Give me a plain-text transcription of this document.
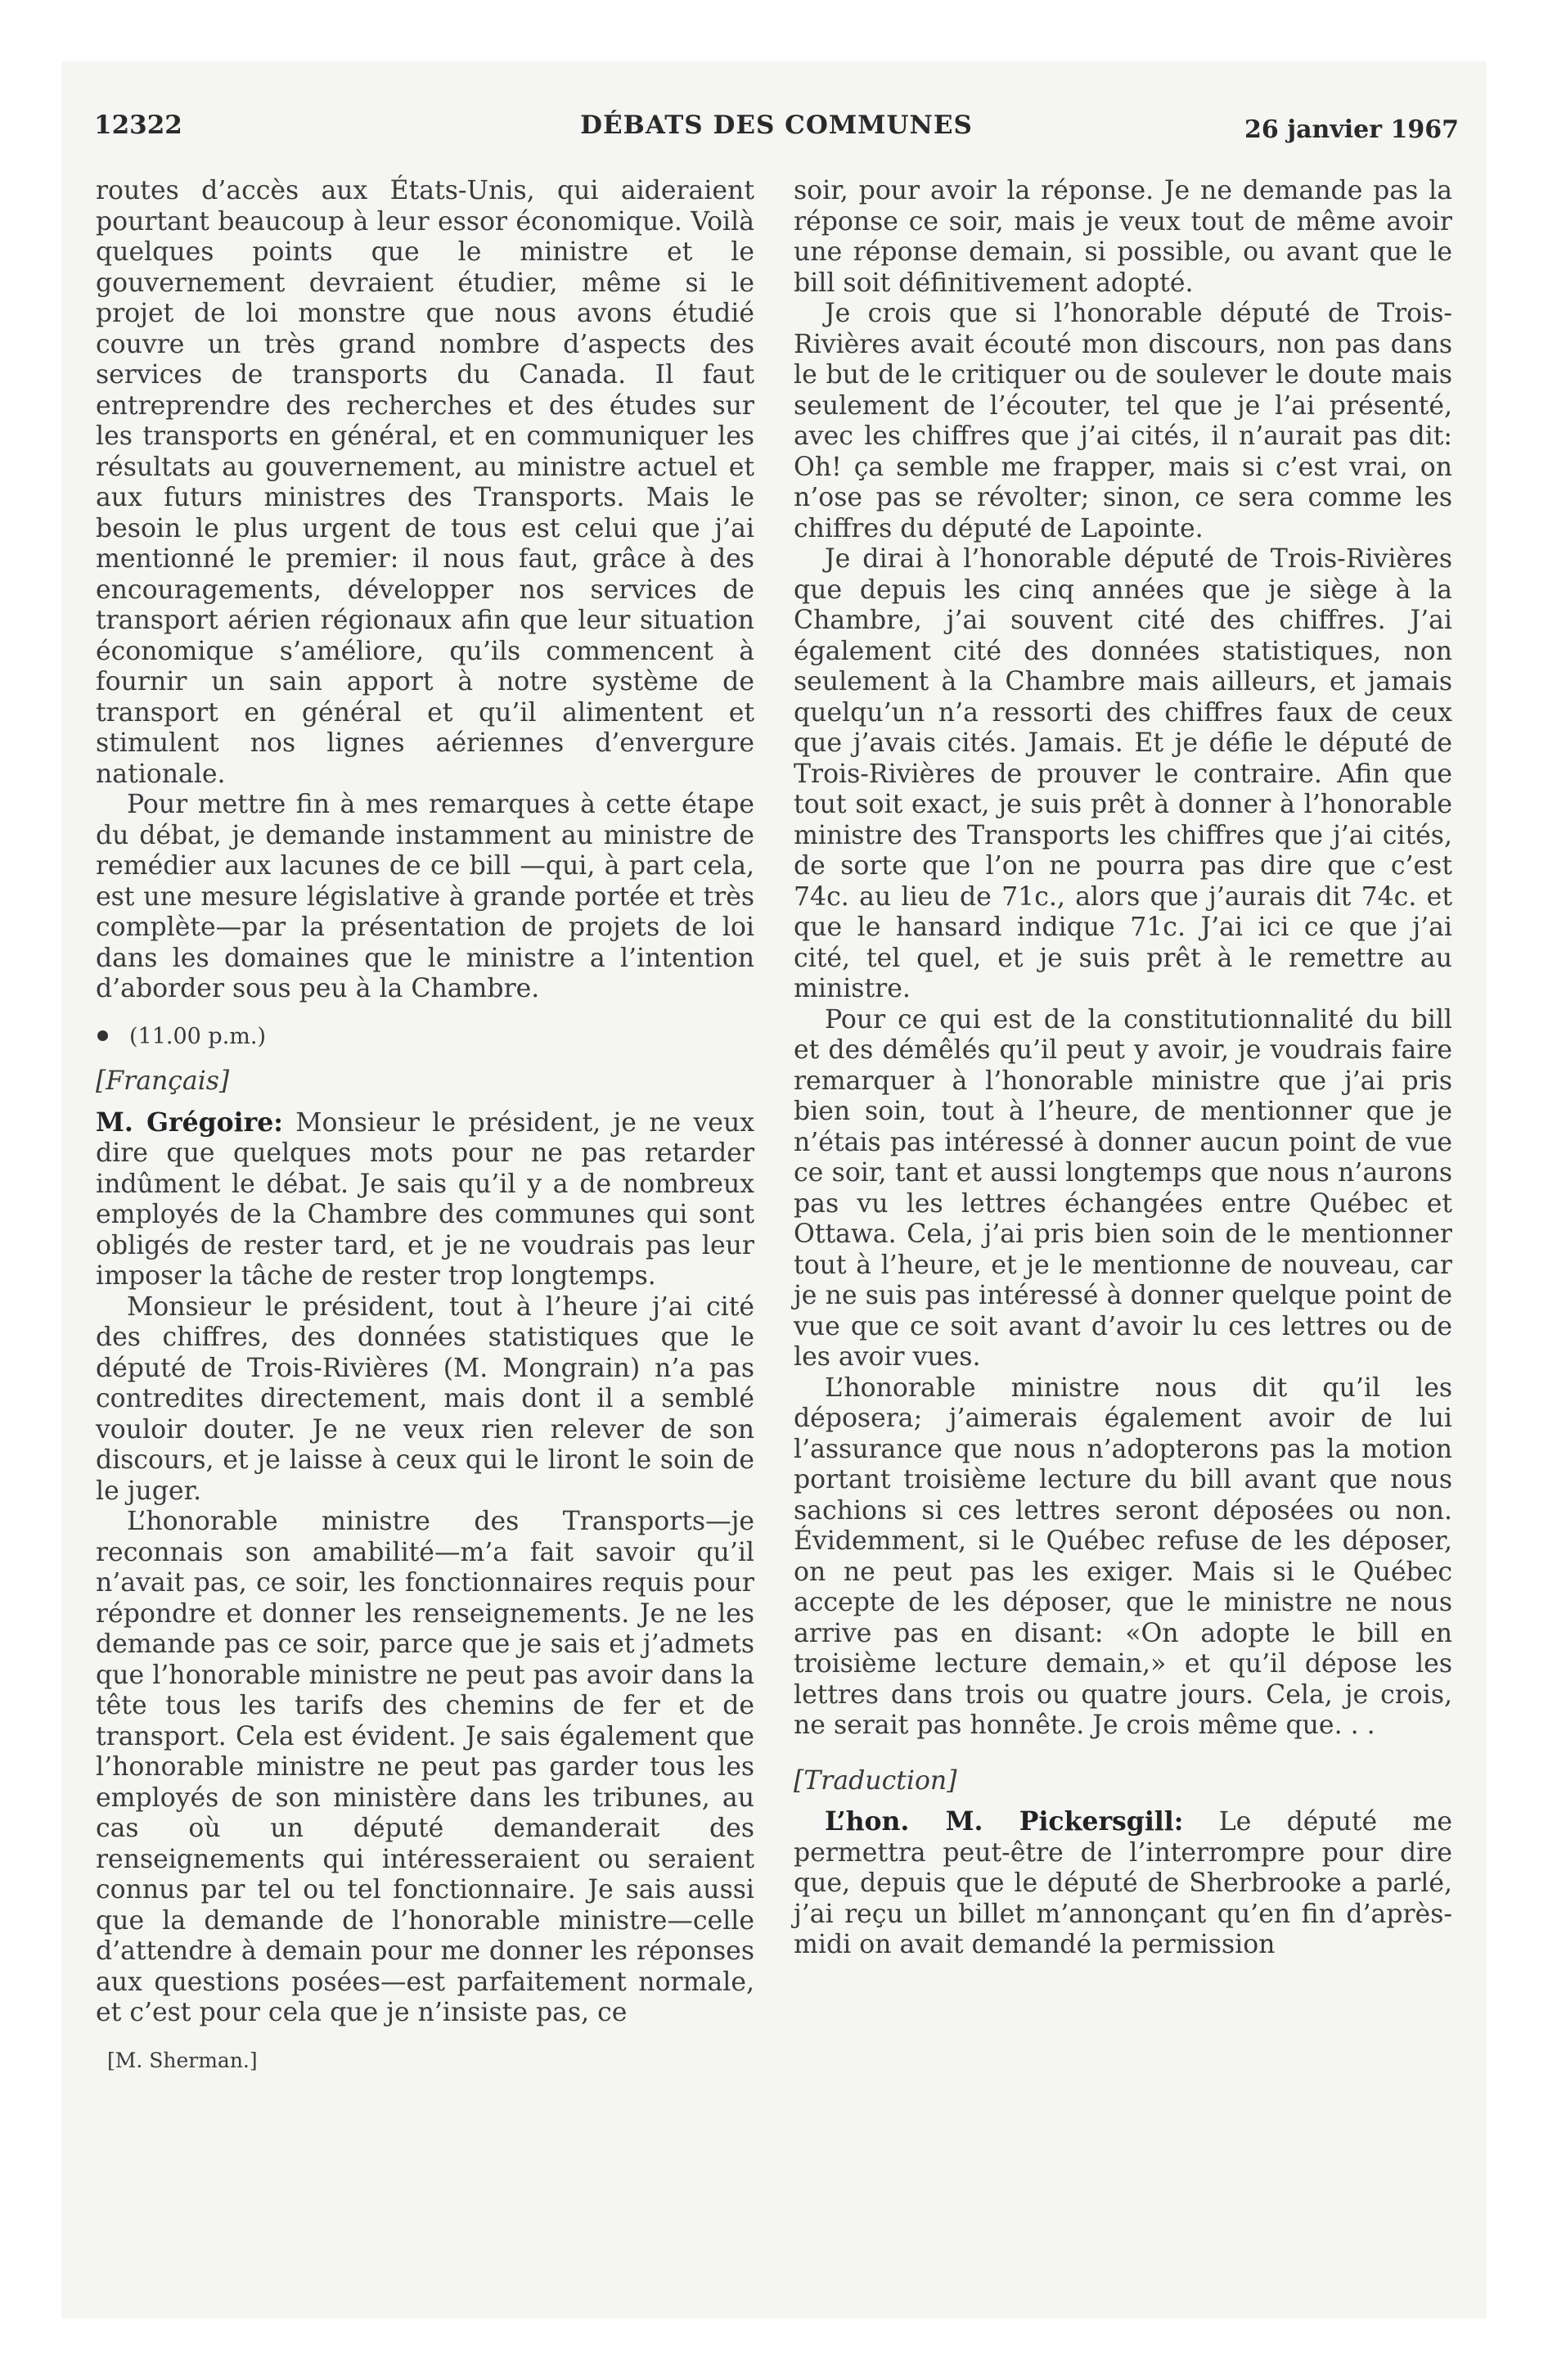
12322	DÉBATS DES COMMUNES	26 janvier 1967

routes d’accès aux États-Unis, qui aideraient pourtant beaucoup à leur essor économique. Voilà quelques points que le ministre et le gouvernement devraient étudier, même si le projet de loi monstre que nous avons étudié couvre un très grand nombre d’aspects des services de transports du Canada. Il faut entreprendre des recherches et des études sur les transports en général, et en communiquer les résultats au gouvernement, au ministre actuel et aux futurs ministres des Transports. Mais le besoin le plus urgent de tous est celui que j’ai mentionné le premier: il nous faut, grâce à des encouragements, développer nos services de transport aérien régionaux afin que leur situation économique s’améliore, qu’ils commencent à fournir un sain apport à notre système de transport en général et qu’il alimentent et stimulent nos lignes aériennes d’envergure nationale.

Pour mettre fin à mes remarques à cette étape du débat, je demande instamment au ministre de remédier aux lacunes de ce bill —qui, à part cela, est une mesure législative à grande portée et très complète—par la présentation de projets de loi dans les domaines que le ministre a l’intention d’aborder sous peu à la Chambre.

(11.00 p.m.)

[Français]

M. Grégoire: Monsieur le président, je ne veux dire que quelques mots pour ne pas retarder indûment le débat. Je sais qu’il y a de nombreux employés de la Chambre des communes qui sont obligés de rester tard, et je ne voudrais pas leur imposer la tâche de rester trop longtemps.

Monsieur le président, tout à l’heure j’ai cité des chiffres, des données statistiques que le député de Trois-Rivières (M. Mongrain) n’a pas contredites directement, mais dont il a semblé vouloir douter. Je ne veux rien relever de son discours, et je laisse à ceux qui le liront le soin de le juger.

L’honorable ministre des Transports—je reconnais son amabilité—m’a fait savoir qu’il n’avait pas, ce soir, les fonctionnaires requis pour répondre et donner les renseignements. Je ne les demande pas ce soir, parce que je sais et j’admets que l’honorable ministre ne peut pas avoir dans la tête tous les tarifs des chemins de fer et de transport. Cela est évident. Je sais également que l’honorable ministre ne peut pas garder tous les employés de son ministère dans les tribunes, au cas où un député demanderait des renseignements qui intéresseraient ou seraient connus par tel ou tel fonctionnaire. Je sais aussi que la demande de l’honorable ministre—celle d’attendre à demain pour me donner les réponses aux questions posées—est parfaitement normale, et c’est pour cela que je n’insiste pas, ce

[M. Sherman.]

soir, pour avoir la réponse. Je ne demande pas la réponse ce soir, mais je veux tout de même avoir une réponse demain, si possible, ou avant que le bill soit définitivement adopté.

Je crois que si l’honorable député de Trois-Rivières avait écouté mon discours, non pas dans le but de le critiquer ou de soulever le doute mais seulement de l’écouter, tel que je l’ai présenté, avec les chiffres que j’ai cités, il n’aurait pas dit: Oh! ça semble me frapper, mais si c’est vrai, on n’ose pas se révolter; sinon, ce sera comme les chiffres du député de Lapointe.

Je dirai à l’honorable député de Trois-Rivières que depuis les cinq années que je siège à la Chambre, j’ai souvent cité des chiffres. J’ai également cité des données statistiques, non seulement à la Chambre mais ailleurs, et jamais quelqu’un n’a ressorti des chiffres faux de ceux que j’avais cités. Jamais. Et je défie le député de Trois-Rivières de prouver le contraire. Afin que tout soit exact, je suis prêt à donner à l’honorable ministre des Transports les chiffres que j’ai cités, de sorte que l’on ne pourra pas dire que c’est 74c. au lieu de 71c., alors que j’aurais dit 74c. et que le hansard indique 71c. J’ai ici ce que j’ai cité, tel quel, et je suis prêt à le remettre au ministre.

Pour ce qui est de la constitutionnalité du bill et des démêlés qu’il peut y avoir, je voudrais faire remarquer à l’honorable ministre que j’ai pris bien soin, tout à l’heure, de mentionner que je n’étais pas intéressé à donner aucun point de vue ce soir, tant et aussi longtemps que nous n’aurons pas vu les lettres échangées entre Québec et Ottawa. Cela, j’ai pris bien soin de le mentionner tout à l’heure, et je le mentionne de nouveau, car je ne suis pas intéressé à donner quelque point de vue que ce soit avant d’avoir lu ces lettres ou de les avoir vues.

L’honorable ministre nous dit qu’il les déposera; j’aimerais également avoir de lui l’assurance que nous n’adopterons pas la motion portant troisième lecture du bill avant que nous sachions si ces lettres seront déposées ou non. Évidemment, si le Québec refuse de les déposer, on ne peut pas les exiger. Mais si le Québec accepte de les déposer, que le ministre ne nous arrive pas en disant: «On adopte le bill en troisième lecture demain,» et qu’il dépose les lettres dans trois ou quatre jours. Cela, je crois, ne serait pas honnête. Je crois même que. . .

[Traduction]

L’hon. M. Pickersgill: Le député me permettra peut-être de l’interrompre pour dire que, depuis que le député de Sherbrooke a parlé, j’ai reçu un billet m’annonçant qu’en fin d’après-midi on avait demandé la permission
